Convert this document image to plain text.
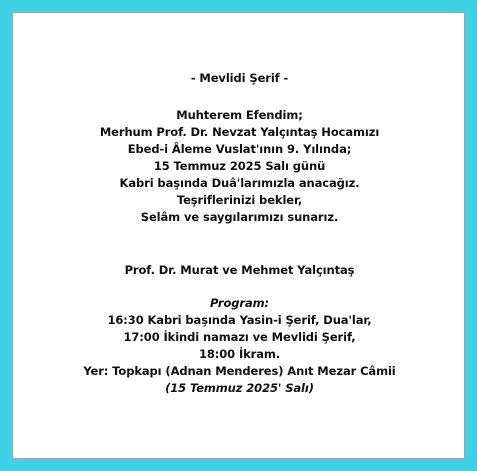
- Mevlidi Şerif -
Muhterem Efendim;
Merhum Prof. Dr. Nevzat Yalçıntaş Hocamızı
Ebed-i Âleme Vuslat'ının 9. Yılında;
15 Temmuz 2025 Salı günü
Kabri başında Duâ'larımızla anacağız.
Teşriflerinizi bekler,
Selâm ve saygılarımızı sunarız.
Prof. Dr. Murat ve Mehmet Yalçıntaş
Program:
16:30 Kabri başında Yasin-i Şerif, Dua'lar,
17:00 İkindi namazı ve Mevlidi Şerif,
18:00 İkram.
Yer: Topkapı (Adnan Menderes) Anıt Mezar Câmii
(15 Temmuz 2025' Salı)
